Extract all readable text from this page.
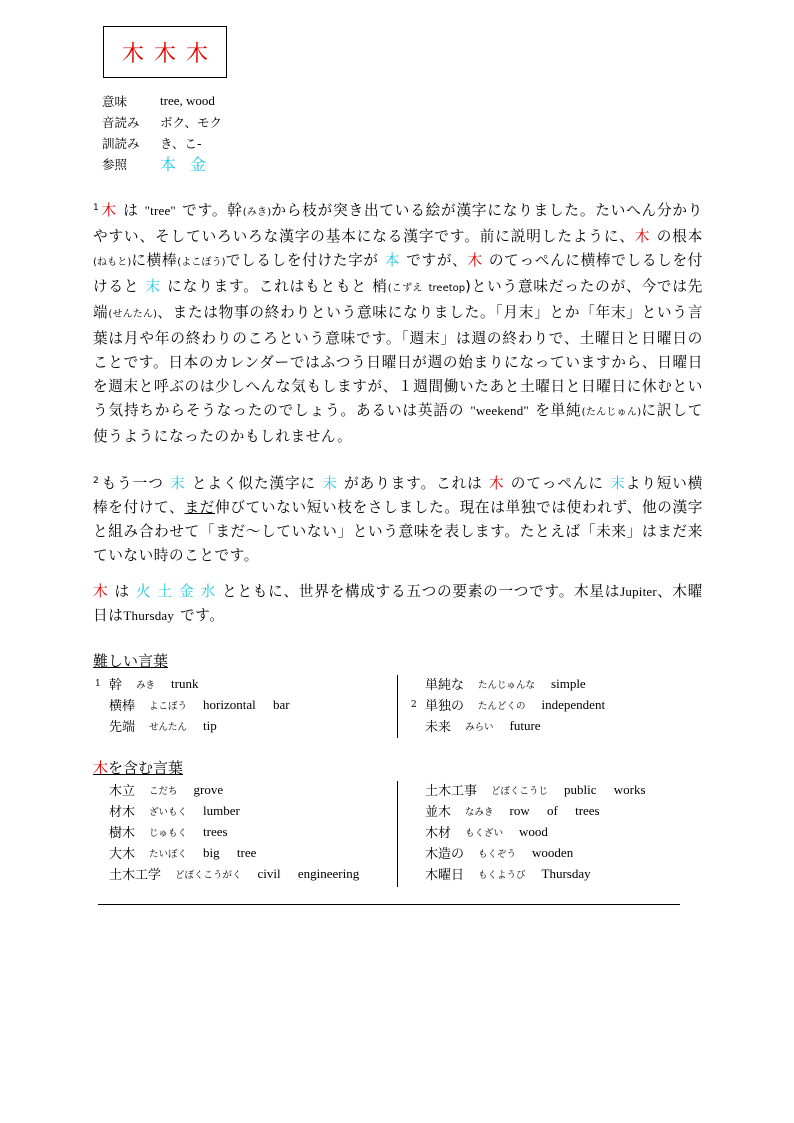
木 木 木
意味	tree, wood
音読み	ボク、モク
訓読み	き、こ-
参照	本 金
$^1$ 木 は "tree" です。幹(みき)から枝が突き出ている絵が漢字になりました。たいへん分かりやすい、そしていろいろな漢字の基本になる漢字です。前に説明したように、木 の根本(ねもと)に横棒(よこぼう)でしるしを付けた字が 本 ですが、木 のてっぺんに横棒でしるしを付けると 末 になります。これはもともと 梢(こずえ treetop)という意味だったのが、今では先端(せんたん)、または物事の終わりという意味になりました。「月末」とか「年末」という言葉は月や年の終わりのころという意味です。「週末」は週の終わりで、土曜日と日曜日のことです。日本のカレンダーではふつう日曜日が週の始まりになっていますから、日曜日を週末と呼ぶのは少しへんな気もしますが、１週間働いたあと土曜日と日曜日に休むという気持ちからそうなったのでしょう。あるいは英語の "weekend" を単純(たんじゅん)に訳して使うようになったのかもしれません。
$^2$ もう一つ 末 とよく似た漢字に 未 があります。これは 木 のてっぺんに 末より短い横棒を付けて、まだ伸びていない短い枝をさしました。現在は単独では使われず、他の漢字と組み合わせて「まだ～していない」という意味を表します。たとえば「未来」はまだ来ていない時のことです。
木 は 火 土 金 水 とともに、世界を構成する五つの要素の一つです。木星はJupiter、木曜日はThursday です。
難しい言葉
1 幹 みき trunk
横棒 よこぼう horizontal bar
先端 せんたん tip
単純な たんじゅんな simple
2 単独の たんどくの independent
未来 みらい future
木を含む言葉
木立 こだち grove
材木 ざいもく lumber
樹木 じゅもく trees
大木 たいぼく big tree
土木工学 どぼくこうがく civil engineering
土木工事 どぼくこうじ public works
並木 なみき row of trees
木材 もくざい wood
木造の もくぞう wooden
木曜日 もくようび Thursday
